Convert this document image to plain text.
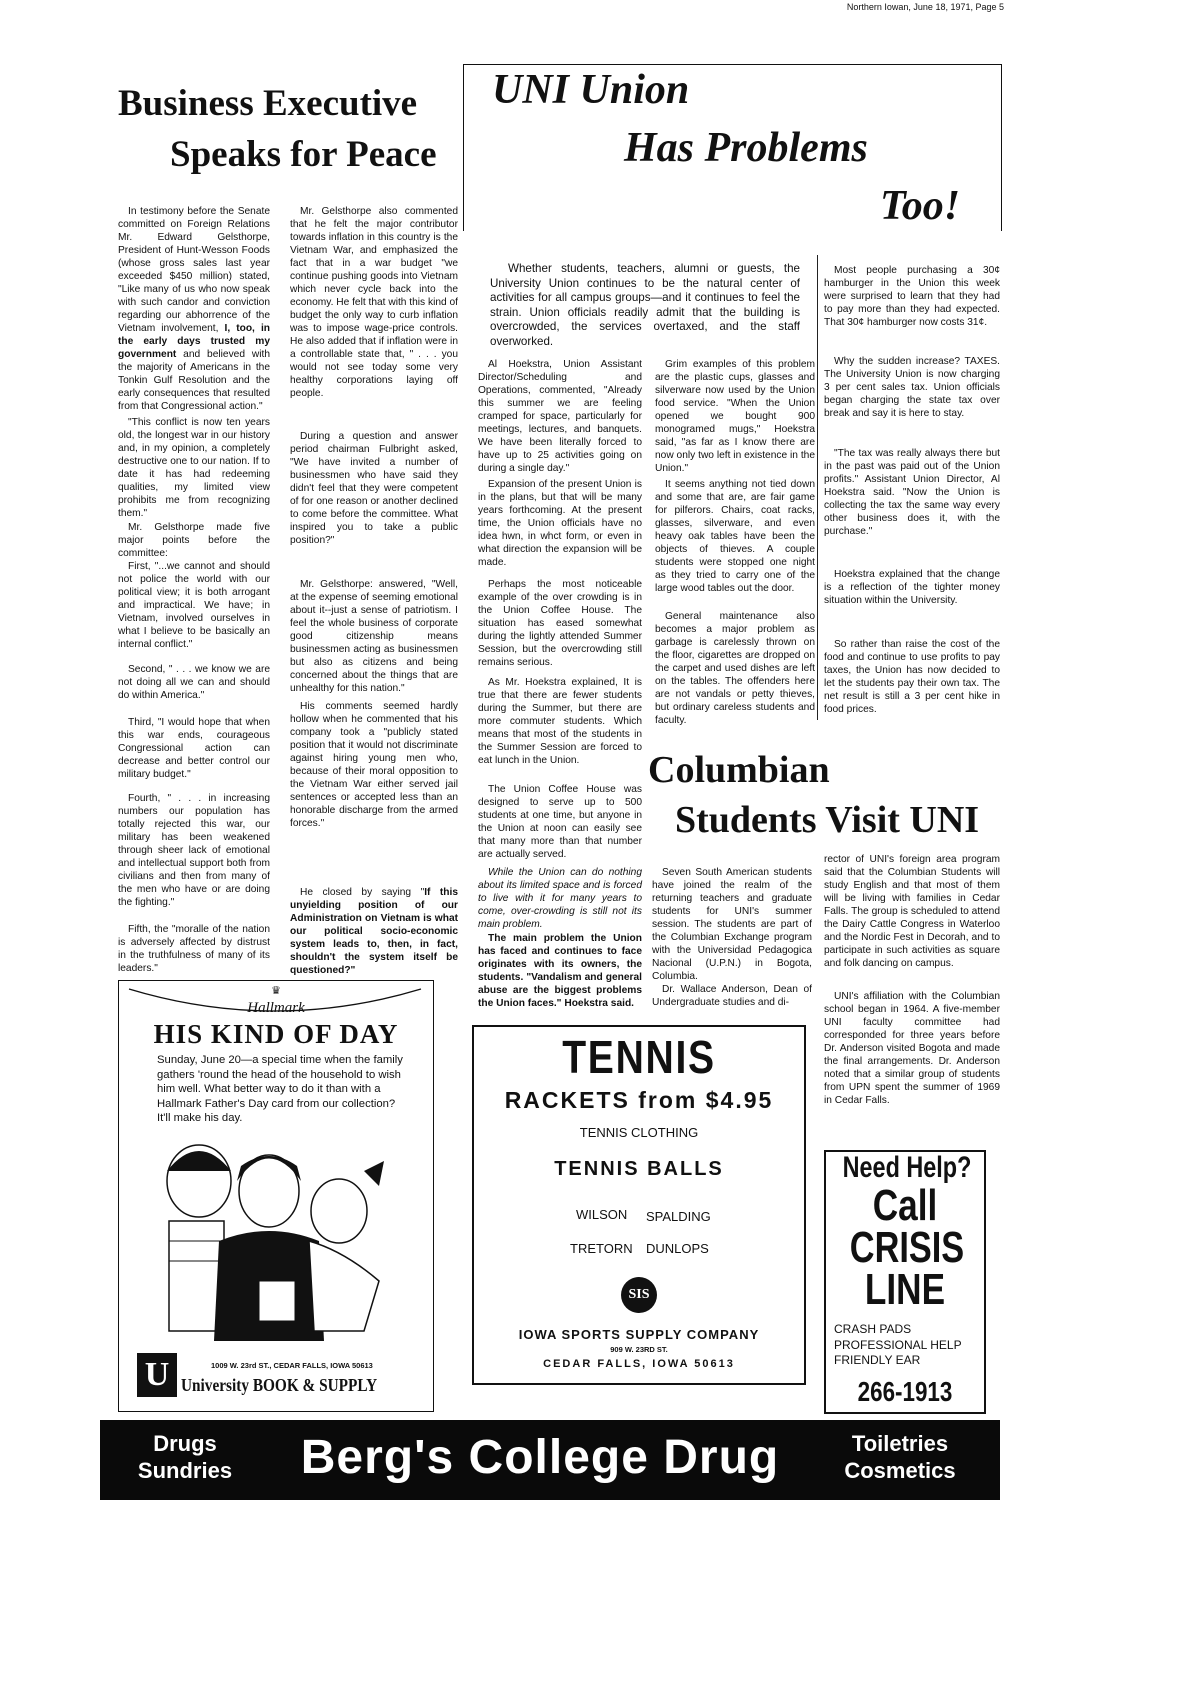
Northern Iowan, June 18, 1971, Page 5
Business Executive
Speaks for Peace

In testimony before the Senate committed on Foreign Relations Mr. Edward Gelsthorpe, President of Hunt-Wesson Foods (whose gross sales last year exceeded $450 million) stated, "Like many of us who now speak with such candor and conviction regarding our abhorrence of the Vietnam involvement, I, too, in the early days trusted my government and believed with the majority of Americans in the Tonkin Gulf Resolution and the early consequences that resulted from that Congressional action."

"This conflict is now ten years old, the longest war in our history and, in my opinion, a completely destructive one to our nation. If to date it has had redeeming qualities, my limited view prohibits me from recognizing them."

Mr. Gelsthorpe made five major points before the committee:

First, "...we cannot and should not police the world with our political view; it is both arrogant and impractical. We have; in Vietnam, involved ourselves in what I believe to be basically an internal conflict."

Second, " . . . we know we are not doing all we can and should do within America."

Third, "I would hope that when this war ends, courageous Congressional action can decrease and better control our military budget."

Fourth, " . . . in increasing numbers our population has totally rejected this war, our military has been weakened through sheer lack of emotional and intellectual support both from civilians and then from many of the men who have or are doing the fighting."

Fifth, the "moralle of the nation is adversely affected by distrust in the truthfulness of many of its leaders."

Mr. Gelsthorpe also commented that he felt the major contributor towards inflation in this country is the Vietnam War, and emphasized the fact that in a war budget "we continue pushing goods into Vietnam which never cycle back into the economy. He felt that with this kind of budget the only way to curb inflation was to impose wage-price controls. He also added that if inflation were in a controllable state that, " . . . you would not see today some very healthy corporations laying off people.

During a question and answer period chairman Fulbright asked, "We have invited a number of businessmen who have said they didn't feel that they were competent of for one reason or another declined to come before the committee. What inspired you to take a public position?"

Mr. Gelsthorpe: answered, "Well, at the expense of seeming emotional about it--just a sense of patriotism. I feel the whole business of corporate good citizenship means businessmen acting as businessmen but also as citizens and being concerned about the things that are unhealthy for this nation."

His comments seemed hardly hollow when he commented that his company took a "publicly stated position that it would not discriminate against hiring young men who, because of their moral opposition to the Vietnam War either served jail sentences or accepted less than an honorable discharge from the armed forces."

He closed by saying "If this unyielding position of our Administration on Vietnam is what our political socio-economic system leads to, then, in fact, shouldn't the system itself be questioned?"

UNI Union
Has Problems
Too!

Whether students, teachers, alumni or guests, the University Union continues to be the natural center of activities for all campus groups—and it continues to feel the strain. Union officials readily admit that the building is overcrowded, the services overtaxed, and the staff overworked.

Al Hoekstra, Union Assistant Director/Scheduling and Operations, commented, "Already this summer we are feeling cramped for space, particularly for meetings, lectures, and banquets. We have been literally forced to have up to 25 activities going on during a single day."

Expansion of the present Union is in the plans, but that will be many years forthcoming. At the present time, the Union officials have no idea hwn, in whct form, or even in what direction the expansion will be made.

Perhaps the most noticeable example of the over crowding is in the Union Coffee House. The situation has eased somewhat during the lightly attended Summer Session, but the overcrowding still remains serious.

As Mr. Hoekstra explained, It is true that there are fewer students during the Summer, but there are more commuter students. Which means that most of the students in the Summer Session are forced to eat lunch in the Union.

The Union Coffee House was designed to serve up to 500 students at one time, but anyone in the Union at noon can easily see that many more than that number are actually served.

While the Union can do nothing about its limited space and is forced to live with it for many years to come, over-crowding is still not its main problem.

The main problem the Union has faced and continues to face originates with its owners, the students. "Vandalism and general abuse are the biggest problems the Union faces." Hoekstra said.

Grim examples of this problem are the plastic cups, glasses and silverware now used by the Union food service. "When the Union opened we bought 900 monogramed mugs," Hoekstra said, "as far as I know there are now only two left in existence in the Union."

It seems anything not tied down and some that are, are fair game for pilferors. Chairs, coat racks, glasses, silverware, and even heavy oak tables have been the objects of thieves. A couple students were stopped one night as they tried to carry one of the large wood tables out the door.

General maintenance also becomes a major problem as garbage is carelessly thrown on the floor, cigarettes are dropped on the carpet and used dishes are left on the tables. The offenders here are not vandals or petty thieves, but ordinary careless students and faculty.

Most people purchasing a 30¢ hamburger in the Union this week were surprised to learn that they had to pay more than they had expected. That 30¢ hamburger now costs 31¢.

Why the sudden increase? TAXES. The University Union is now charging 3 per cent sales tax. Union officials began charging the state tax over break and say it is here to stay.

"The tax was really always there but in the past was paid out of the Union profits." Assistant Union Director, Al Hoekstra said. "Now the Union is collecting the tax the same way every other business does it, with the purchase."

Hoekstra explained that the change is a reflection of the tighter money situation within the University.

So rather than raise the cost of the food and continue to use profits to pay taxes, the Union has now decided to let the students pay their own tax. The net result is still a 3 per cent hike in food prices.

Columbian
Students Visit UNI

Seven South American students have joined the realm of the returning teachers and graduate students for UNI's summer session. The students are part of the Columbian Exchange program with the Universidad Pedagogica Nacional (U.P.N.) in Bogota, Columbia.

Dr. Wallace Anderson, Dean of Undergraduate studies and di-

rector of UNI's foreign area program said that the Columbian Students will study English and that most of them will be living with families in Cedar Falls. The group is scheduled to attend the Dairy Cattle Congress in Waterloo and the Nordic Fest in Decorah, and to participate in such activities as square and folk dancing on campus.

UNI's affiliation with the Columbian school began in 1964. A five-member UNI faculty committee had corresponded for three years before Dr. Anderson visited Bogota and made the final arrangements. Dr. Anderson noted that a similar group of students from UPN spent the summer of 1969 in Cedar Falls.

♛
Hallmark
HIS KIND OF DAY
Sunday, June 20—a special time when the family gathers 'round the head of the household to wish him well. What better way to do it than with a Hallmark Father's Day card from our collection? It'll make his day.
U	1009 W. 23rd ST., CEDAR FALLS, IOWA 50613
University BOOK & SUPPLY
TENNIS
RACKETS from $4.95
TENNIS CLOTHING
TENNIS BALLS
WILSON SPALDING
TRETORN DUNLOPS
SIS
IOWA SPORTS SUPPLY COMPANY
909 W. 23RD ST.
CEDAR FALLS, IOWA 50613
Need Help?
Call
CRISIS
LINE
CRASH PADS
PROFESSIONAL HELP
FRIENDLY EAR
266-1913
Drugs
Sundries	Berg's College Drug	Toiletries
Cosmetics
